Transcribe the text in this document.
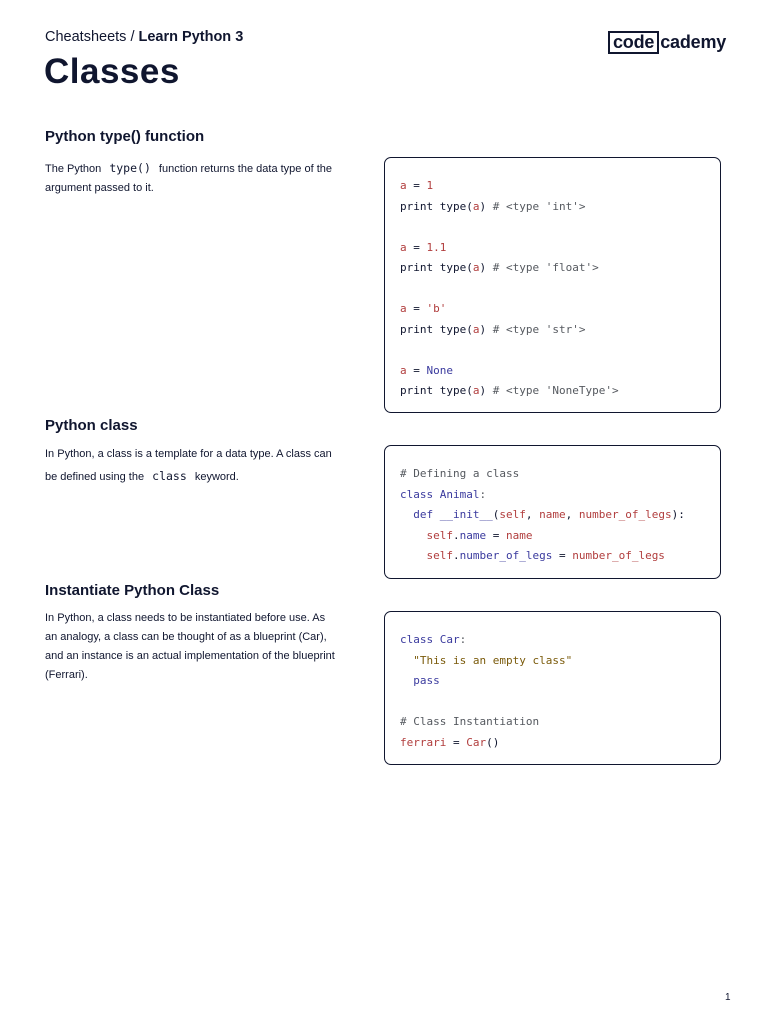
Cheatsheets / Learn Python 3	code cademy
Classes
Python type() function
The Python type() function returns the data type of the argument passed to it.	a = 1
print type(a) # <type 'int'>

a = 1.1
print type(a) # <type 'float'>

a = 'b'
print type(a) # <type 'str'>

a = None
print type(a) # <type 'NoneType'>
Python class
In Python, a class is a template for a data type. A class can be defined using the class keyword.	# Defining a class
class Animal:
def __init__(self, name, number_of_legs):
self.name = name
self.number_of_legs = number_of_legs
Instantiate Python Class
In Python, a class needs to be instantiated before use. As an analogy, a class can be thought of as a blueprint (Car), and an instance is an actual implementation of the blueprint (Ferrari).
class Car:
"This is an empty class"
pass

# Class Instantiation
ferrari = Car()
1
